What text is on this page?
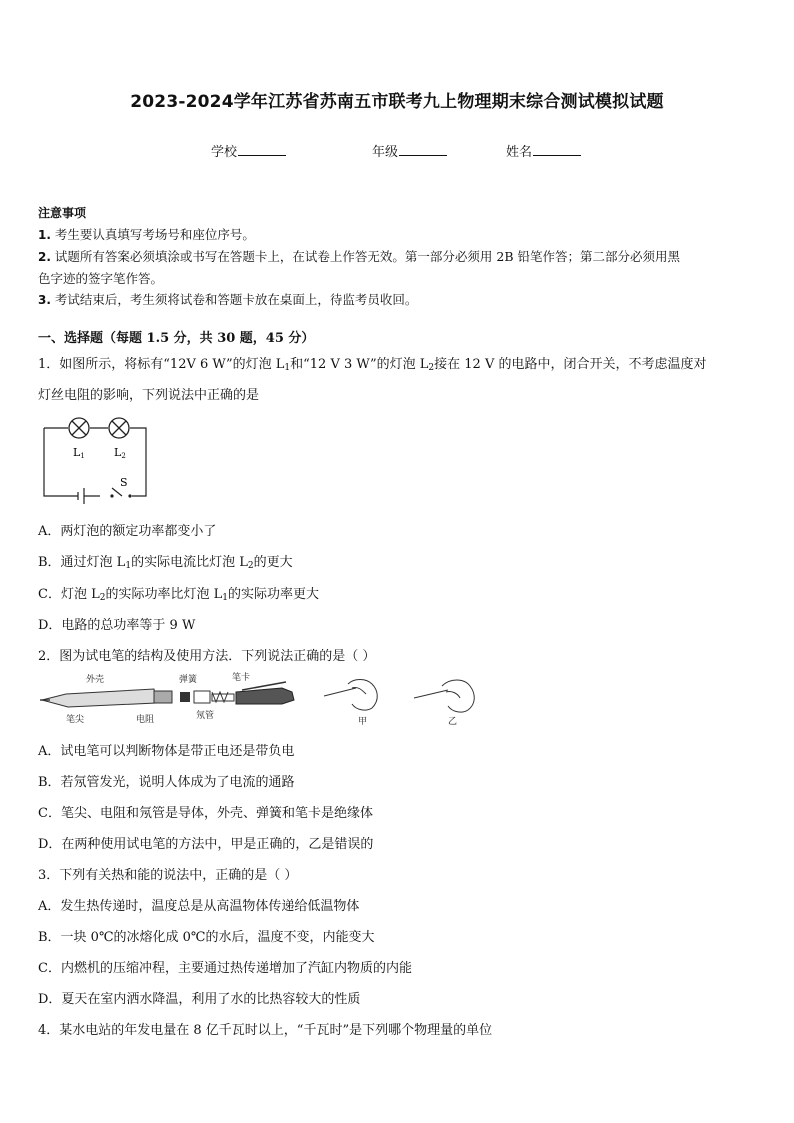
2023-2024学年江苏省苏南五市联考九上物理期末综合测试模拟试题
学校	年级	姓名
注意事项
1. 考生要认真填写考场号和座位序号。
2. 试题所有答案必须填涂或书写在答题卡上，在试卷上作答无效。第一部分必须用 2B 铅笔作答；第二部分必须用黑
色字迹的签字笔作答。
3. 考试结束后，考生须将试卷和答题卡放在桌面上，待监考员收回。
一、选择题（每题 1.5 分，共 30 题，45 分）
1．如图所示，将标有“12V 6 W”的灯泡 $L_1$和“12 V 3 W”的灯泡 $L_2$接在 12 V 的电路中，闭合开关，不考虑温度对
灯丝电阻的影响，下列说法中正确的是
L1	L2
S
A．两灯泡的额定功率都变小了
B．通过灯泡 $L_1$的实际电流比灯泡 $L_2$的更大
C．灯泡 $L_2$的实际功率比灯泡 $L_1$的实际功率更大
D．电路的总功率等于 9 W
2．图为试电笔的结构及使用方法．下列说法正确的是（ ）
外壳	弹簧	笔卡
笔尖	电阻	氖管
甲	乙
A．试电笔可以判断物体是带正电还是带负电
B．若氖管发光，说明人体成为了电流的通路
C．笔尖、电阻和氖管是导体，外壳、弹簧和笔卡是绝缘体
D．在两种使用试电笔的方法中，甲是正确的，乙是错误的
3．下列有关热和能的说法中，正确的是（ ）
A．发生热传递时，温度总是从高温物体传递给低温物体
B．一块 0℃的冰熔化成 0℃的水后，温度不变，内能变大
C．内燃机的压缩冲程，主要通过热传递增加了汽缸内物质的内能
D．夏天在室内洒水降温，利用了水的比热容较大的性质
4．某水电站的年发电量在 8 亿千瓦时以上，“千瓦时”是下列哪个物理量的单位
